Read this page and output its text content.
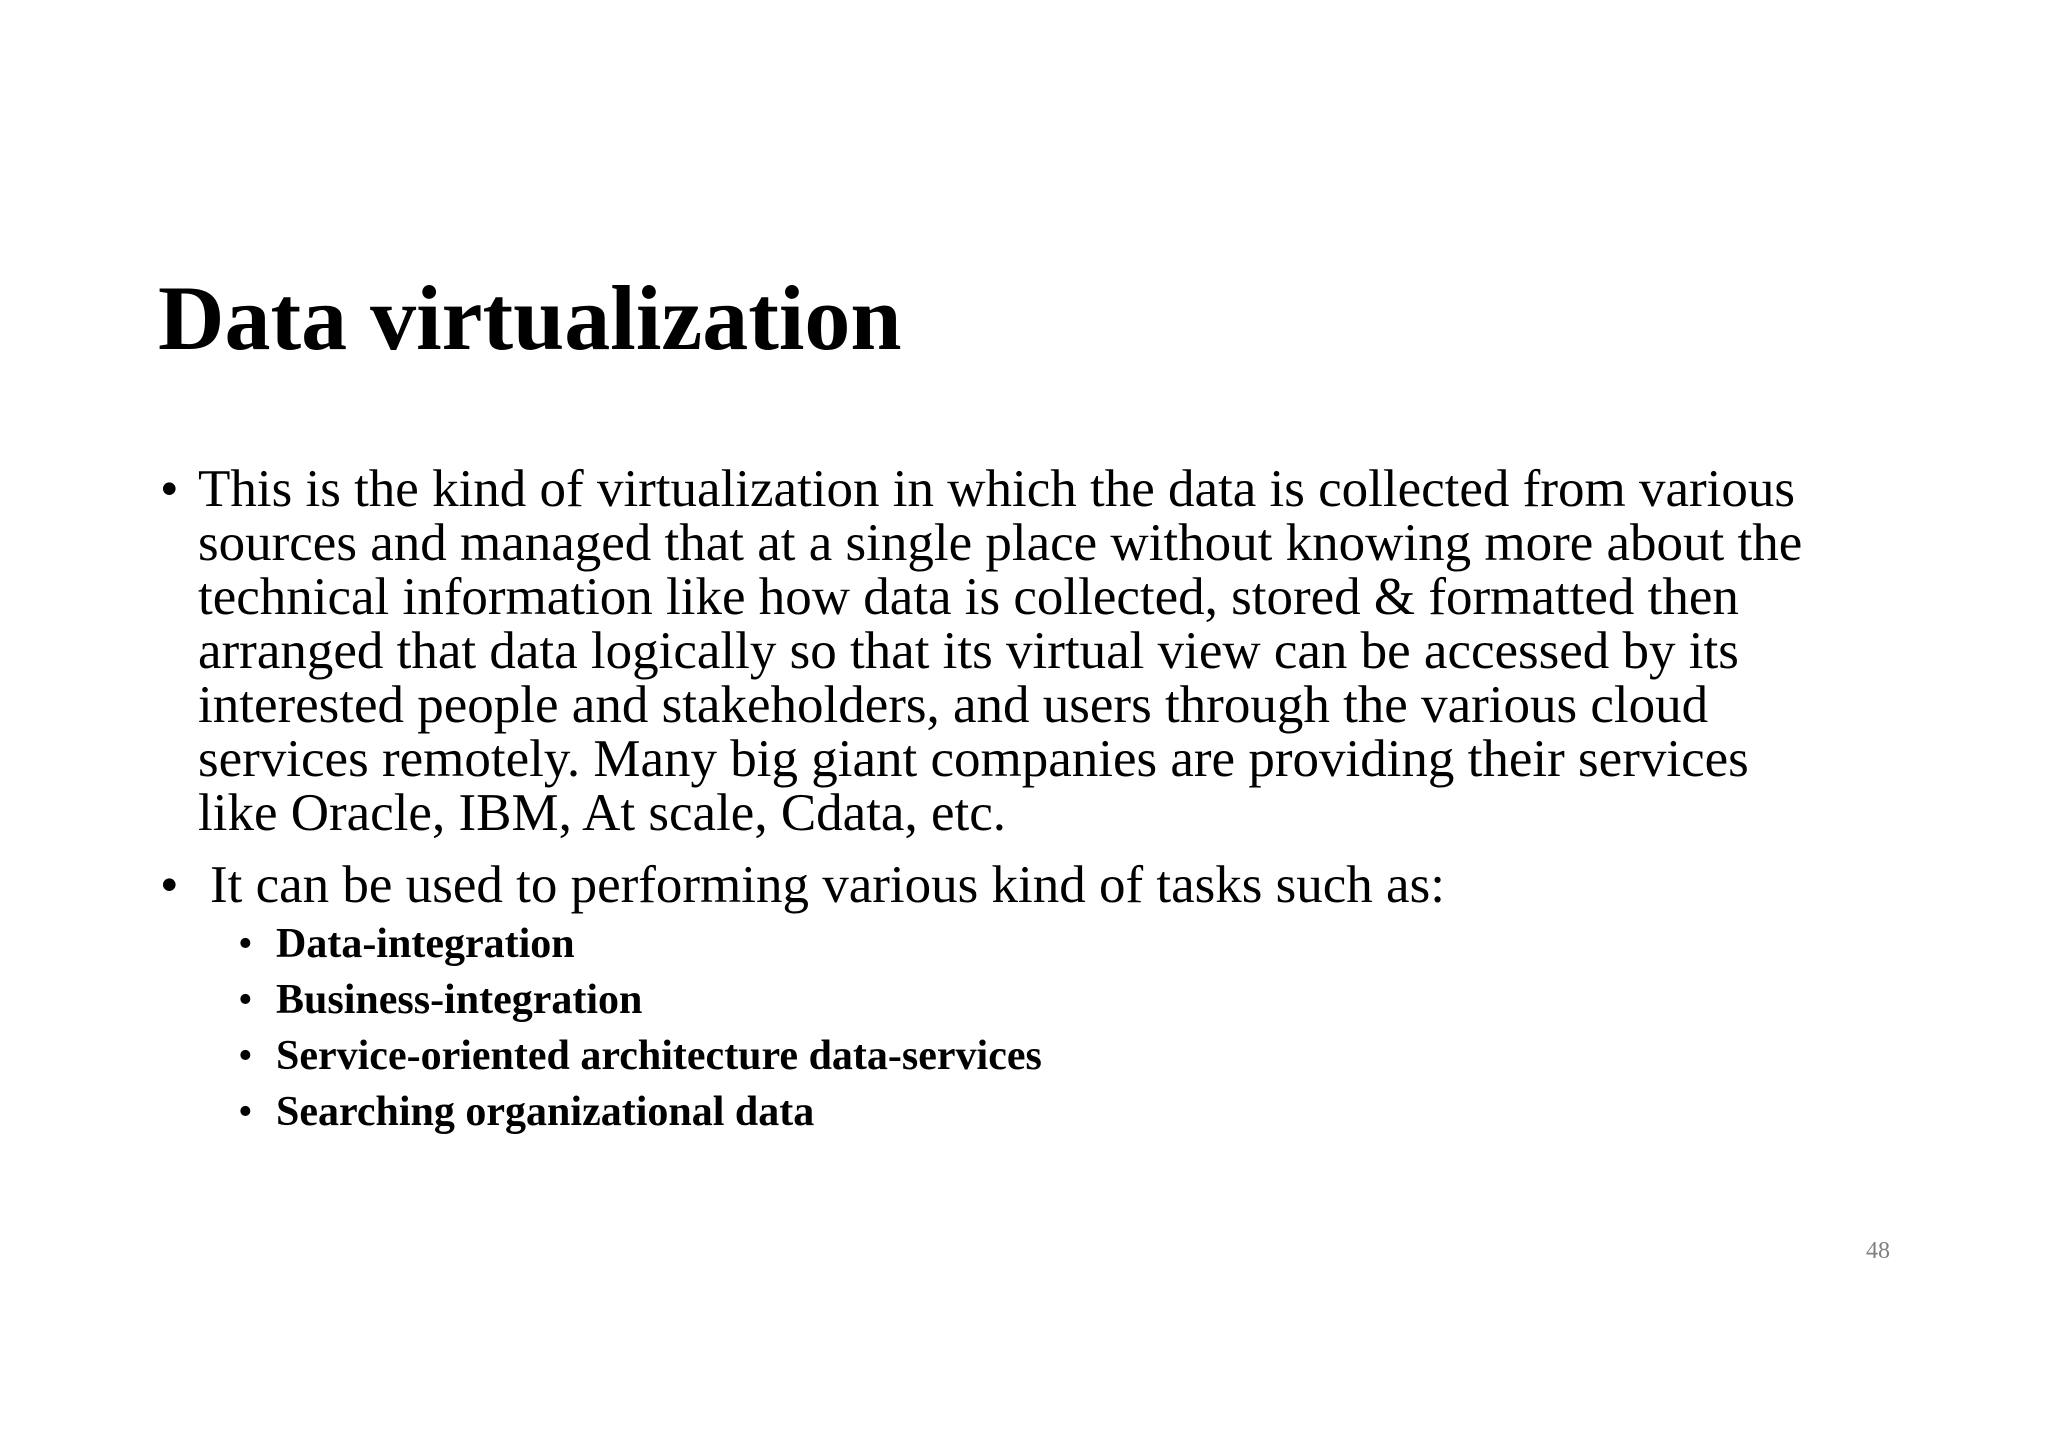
Data virtualization
• This is the kind of virtualization in which the data is collected from various
sources and managed that at a single place without knowing more about the
technical information like how data is collected, stored & formatted then
arranged that data logically so that its virtual view can be accessed by its
interested people and stakeholders, and users through the various cloud
services remotely. Many big giant companies are providing their services
like Oracle, IBM, At scale, Cdata, etc.
• It can be used to performing various kind of tasks such as:
• Data-integration
• Business-integration
• Service-oriented architecture data-services
• Searching organizational data
48
